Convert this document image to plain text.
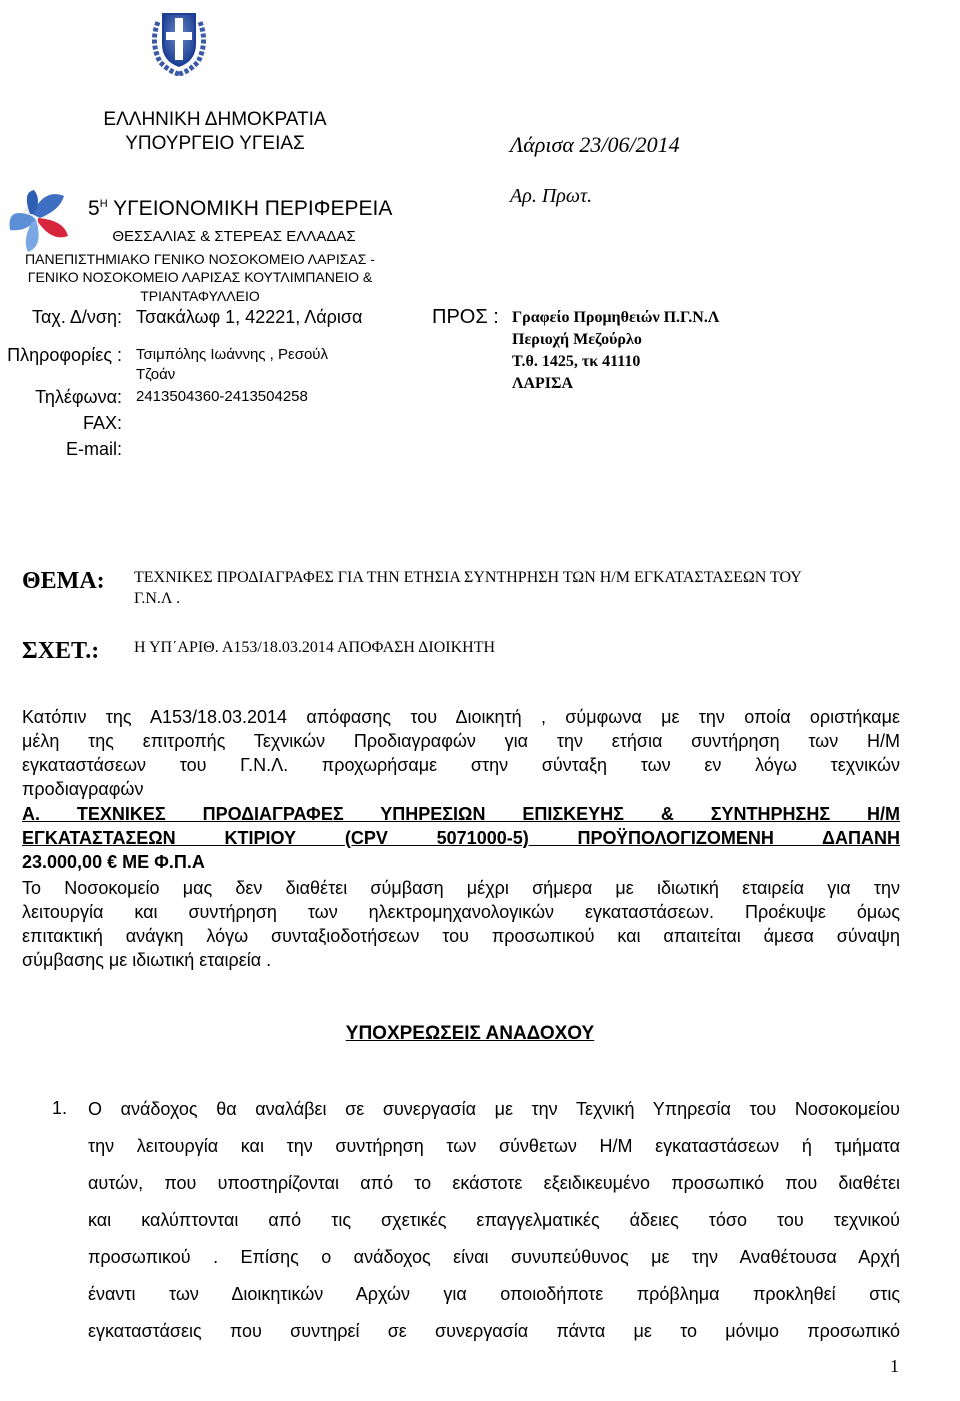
ΕΛΛΗΝΙΚΗ ΔΗΜΟΚΡΑΤΙΑ
ΥΠΟΥΡΓΕΙΟ ΥΓΕΙΑΣ
$5^H$ ΥΓΕΙΟΝΟΜΙΚΗ ΠΕΡΙΦΕΡΕΙΑ
ΘΕΣΣΑΛΙΑΣ & ΣΤΕΡΕΑΣ ΕΛΛΑΔΑΣ
ΠΑΝΕΠΙΣΤΗΜΙΑΚΟ ΓΕΝΙΚΟ ΝΟΣΟΚΟΜΕΙΟ ΛΑΡΙΣΑΣ -
ΓΕΝΙΚΟ ΝΟΣΟΚΟΜΕΙΟ ΛΑΡΙΣΑΣ ΚΟΥΤΛΙΜΠΑΝΕΙΟ &
ΤΡΙΑΝΤΑΦΥΛΛΕΙΟ
Ταχ. Δ/νση: Τσακάλωφ 1, 42221, Λάρισα
Πληροφορίες : Τσιμπόλης Ιωάννης , Ρεσούλ
Τζοάν
Τηλέφωνα: 2413504360-2413504258
FAX:
E-mail:
Λάρισα 23/06/2014
Αρ. Πρωτ.
ΠΡΟΣ : Γραφείο Προμηθειών Π.Γ.Ν.Λ
Περιοχή Μεζούρλο
Τ.θ. 1425, τκ 41110
ΛΑΡΙΣΑ
ΘΕΜΑ: ΤΕΧΝΙΚΕΣ ΠΡΟΔΙΑΓΡΑΦΕΣ ΓΙΑ ΤΗΝ ΕΤΗΣΙΑ ΣΥΝΤΗΡΗΣΗ ΤΩΝ Η/Μ ΕΓΚΑΤΑΣΤΑΣΕΩΝ ΤΟΥ
Γ.Ν.Λ .
ΣΧΕΤ.: Η ΥΠ΄ΑΡΙΘ. Α153/18.03.2014 ΑΠΟΦΑΣΗ ΔΙΟΙΚΗΤΗ
Κατόπιν της Α153/18.03.2014 απόφασης του Διοικητή , σύμφωνα με την οποία οριστήκαμε
μέλη της επιτροπής Τεχνικών Προδιαγραφών για την ετήσια συντήρηση των Η/Μ
εγκαταστάσεων του Γ.Ν.Λ. προχωρήσαμε στην σύνταξη των εν λόγω τεχνικών
προδιαγραφών
Α. ΤΕΧΝΙΚΕΣ ΠΡΟΔΙΑΓΡΑΦΕΣ ΥΠΗΡΕΣΙΩΝ ΕΠΙΣΚΕΥΗΣ & ΣΥΝΤΗΡΗΣΗΣ Η/Μ
ΕΓΚΑΤΑΣΤΑΣΕΩΝ ΚΤΙΡΙΟΥ (CPV 5071000-5) ΠΡΟΫΠΟΛΟΓΙΖΟΜΕΝΗ ΔΑΠΑΝΗ
23.000,00 € ΜΕ Φ.Π.Α
Το Νοσοκομείο μας δεν διαθέτει σύμβαση μέχρι σήμερα με ιδιωτική εταιρεία για την
λειτουργία και συντήρηση των ηλεκτρομηχανολογικών εγκαταστάσεων. Προέκυψε όμως
επιτακτική ανάγκη λόγω συνταξιοδοτήσεων του προσωπικού και απαιτείται άμεσα σύναψη
σύμβασης με ιδιωτική εταιρεία .
ΥΠΟΧΡΕΩΣΕΙΣ ΑΝΑΔΟΧΟΥ
1. Ο ανάδοχος θα αναλάβει σε συνεργασία με την Τεχνική Υπηρεσία του Νοσοκομείου
την λειτουργία και την συντήρηση των σύνθετων Η/Μ εγκαταστάσεων ή τμήματα
αυτών, που υποστηρίζονται από το εκάστοτε εξειδικευμένο προσωπικό που διαθέτει
και καλύπτονται από τις σχετικές επαγγελματικές άδειες τόσο του τεχνικού
προσωπικού . Επίσης ο ανάδοχος είναι συνυπεύθυνος με την Αναθέτουσα Αρχή
έναντι των Διοικητικών Αρχών για οποιοδήποτε πρόβλημα προκληθεί στις
εγκαταστάσεις που συντηρεί σε συνεργασία πάντα με το μόνιμο προσωπικό
1
